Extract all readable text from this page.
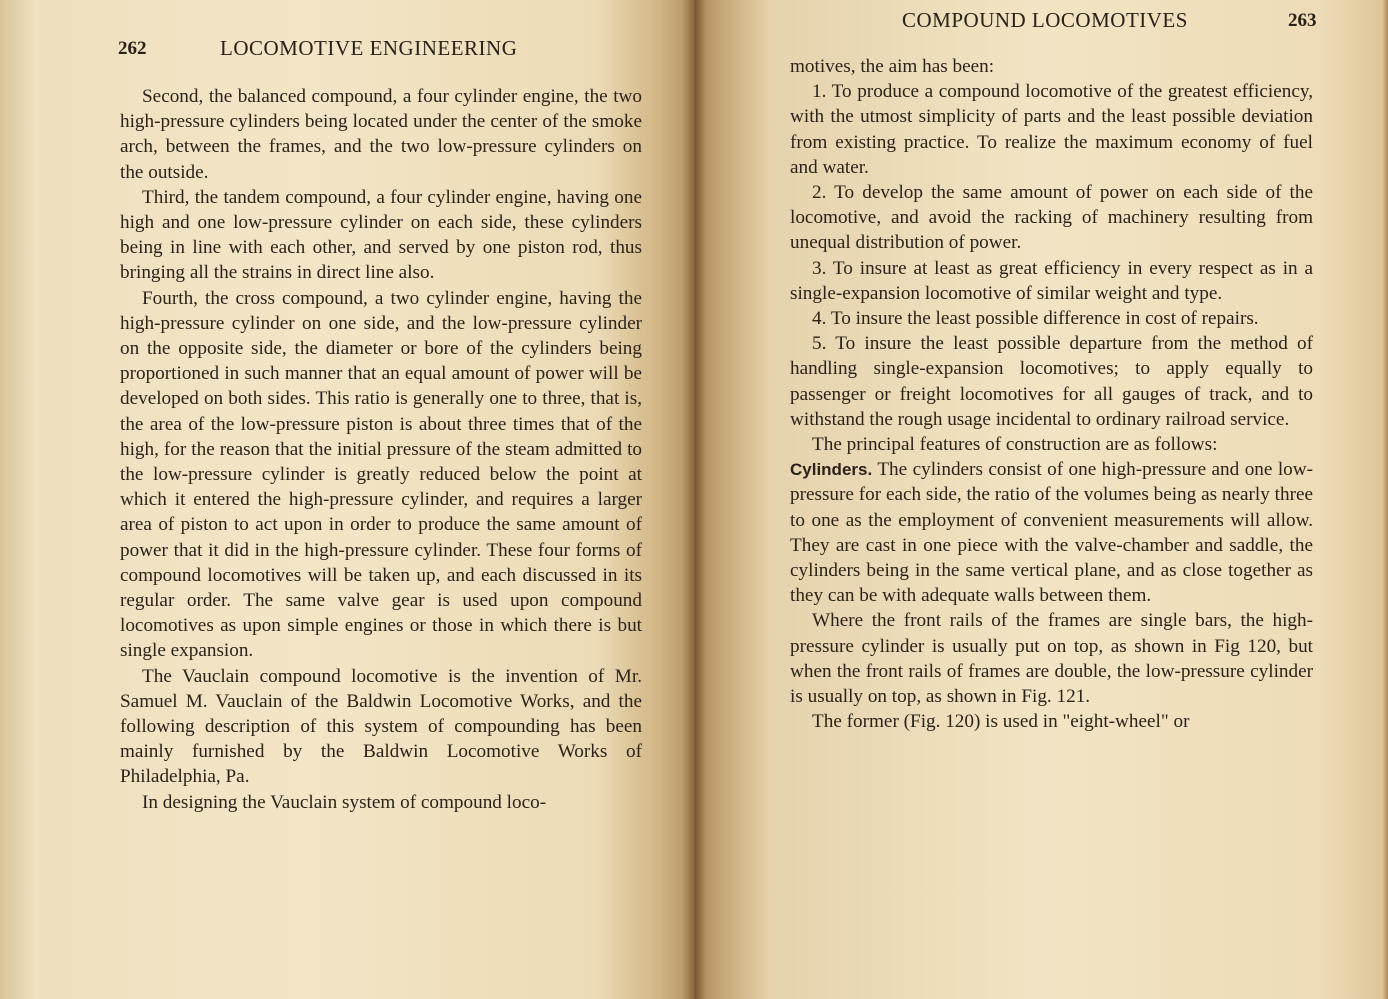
262	LOCOMOTIVE ENGINEERING

Second, the balanced compound, a four cylinder engine, the two high-pressure cylinders being located under the center of the smoke arch, between the frames, and the two low-pressure cylinders on the outside.

Third, the tandem compound, a four cylinder engine, having one high and one low-pressure cylinder on each side, these cylinders being in line with each other, and served by one piston rod, thus bringing all the strains in direct line also.

Fourth, the cross compound, a two cylinder engine, having the high-pressure cylinder on one side, and the low-pressure cylinder on the opposite side, the diameter or bore of the cylinders being proportioned in such manner that an equal amount of power will be developed on both sides. This ratio is generally one to three, that is, the area of the low-pressure piston is about three times that of the high, for the reason that the initial pressure of the steam admitted to the low-pressure cylinder is greatly reduced below the point at which it entered the high-pressure cylinder, and requires a larger area of piston to act upon in order to produce the same amount of power that it did in the high-pressure cylinder. These four forms of compound locomotives will be taken up, and each discussed in its regular order. The same valve gear is used upon compound locomotives as upon simple engines or those in which there is but single expansion.

The Vauclain compound locomotive is the invention of Mr. Samuel M. Vauclain of the Baldwin Locomotive Works, and the following description of this system of compounding has been mainly furnished by the Baldwin Locomotive Works of Philadelphia, Pa.

In designing the Vauclain system of compound loco-

COMPOUND LOCOMOTIVES	263

motives, the aim has been:

1. To produce a compound locomotive of the greatest efficiency, with the utmost simplicity of parts and the least possible deviation from existing practice. To realize the maximum economy of fuel and water.

2. To develop the same amount of power on each side of the locomotive, and avoid the racking of machinery resulting from unequal distribution of power.

3. To insure at least as great efficiency in every respect as in a single-expansion locomotive of similar weight and type.

4. To insure the least possible difference in cost of repairs.

5. To insure the least possible departure from the method of handling single-expansion locomotives; to apply equally to passenger or freight locomotives for all gauges of track, and to withstand the rough usage incidental to ordinary railroad service.

The principal features of construction are as follows:

Cylinders. The cylinders consist of one high-pressure and one low-pressure for each side, the ratio of the volumes being as nearly three to one as the employment of convenient measurements will allow. They are cast in one piece with the valve-chamber and saddle, the cylinders being in the same vertical plane, and as close together as they can be with adequate walls between them.

Where the front rails of the frames are single bars, the high-pressure cylinder is usually put on top, as shown in Fig 120, but when the front rails of frames are double, the low-pressure cylinder is usually on top, as shown in Fig. 121.

The former (Fig. 120) is used in "eight-wheel" or
